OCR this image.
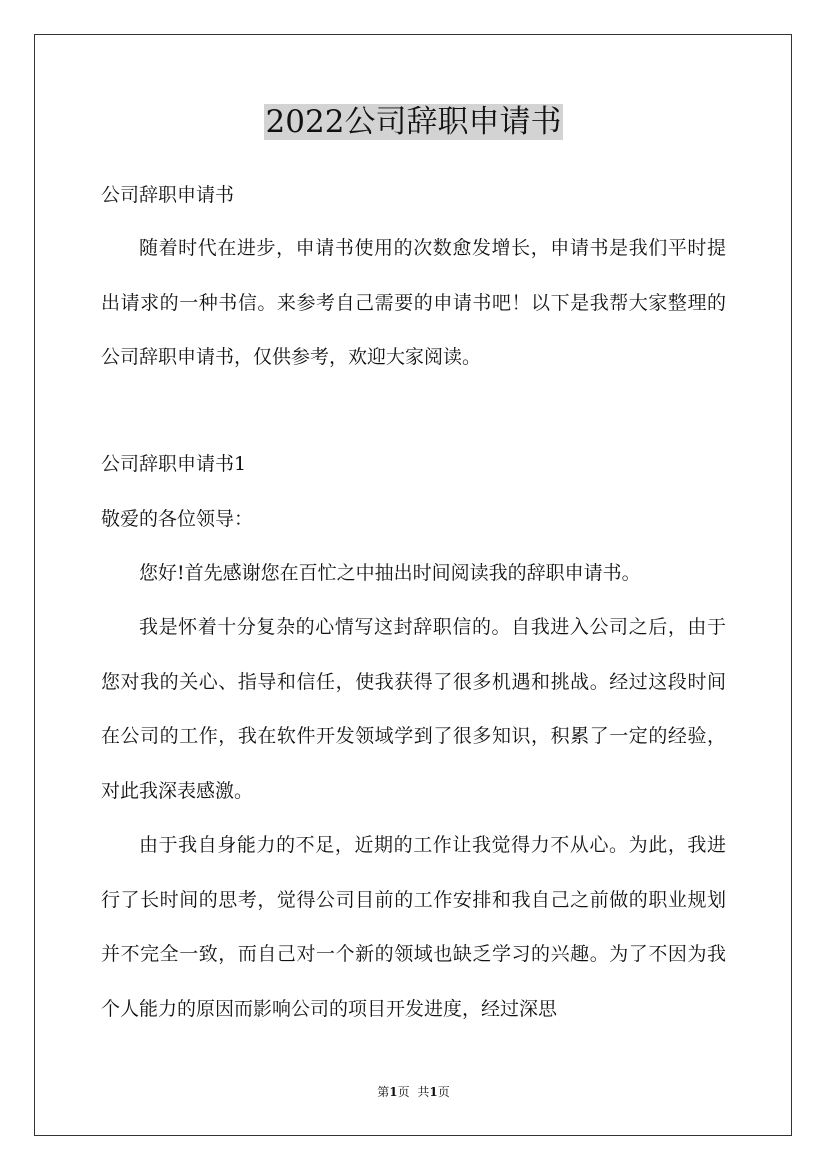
2022公司辞职申请书
公司辞职申请书

随着时代在进步，申请书使用的次数愈发增长，申请书是我们平时提出请求的一种书信。来参考自己需要的申请书吧！以下是我帮大家整理的公司辞职申请书，仅供参考，欢迎大家阅读。

公司辞职申请书1
敬爱的各位领导：
您好!首先感谢您在百忙之中抽出时间阅读我的辞职申请书。

我是怀着十分复杂的心情写这封辞职信的。自我进入公司之后，由于您对我的关心、指导和信任，使我获得了很多机遇和挑战。经过这段时间在公司的工作，我在软件开发领域学到了很多知识，积累了一定的经验，对此我深表感激。

由于我自身能力的不足，近期的工作让我觉得力不从心。为此，我进行了长时间的思考，觉得公司目前的工作安排和我自己之前做的职业规划并不完全一致，而自己对一个新的领域也缺乏学习的兴趣。为了不因为我个人能力的原因而影响公司的项目开发进度，经过深思

第1页 共1页
